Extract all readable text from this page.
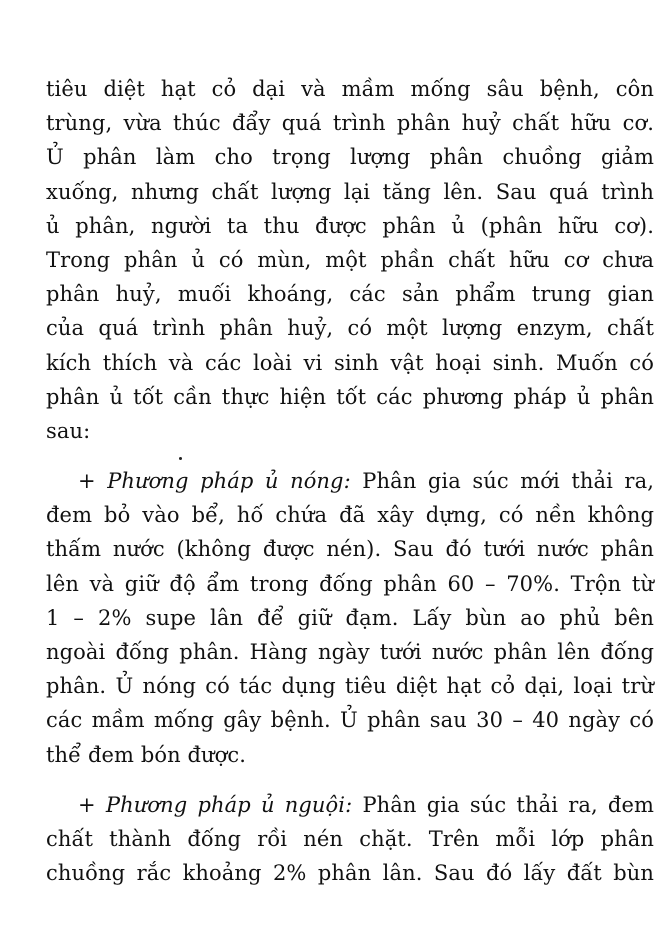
tiêu diệt hạt cỏ dại và mầm mống sâu bệnh, côn
trùng, vừa thúc đẩy quá trình phân huỷ chất hữu cơ.
Ủ phân làm cho trọng lượng phân chuồng giảm
xuống, nhưng chất lượng lại tăng lên. Sau quá trình
ủ phân, người ta thu được phân ủ (phân hữu cơ).
Trong phân ủ có mùn, một phần chất hữu cơ chưa
phân huỷ, muối khoáng, các sản phẩm trung gian
của quá trình phân huỷ, có một lượng enzym, chất
kích thích và các loài vi sinh vật hoại sinh. Muốn có
phân ủ tốt cần thực hiện tốt các phương pháp ủ phân
sau:
+ Phương pháp ủ nóng: Phân gia súc mới thải ra,
đem bỏ vào bể, hố chứa đã xây dựng, có nền không
thấm nước (không được nén). Sau đó tưới nước phân
lên và giữ độ ẩm trong đống phân 60 – 70%. Trộn từ
1 – 2% supe lân để giữ đạm. Lấy bùn ao phủ bên
ngoài đống phân. Hàng ngày tưới nước phân lên đống
phân. Ủ nóng có tác dụng tiêu diệt hạt cỏ dại, loại trừ
các mầm mống gây bệnh. Ủ phân sau 30 – 40 ngày có
thể đem bón được.
+ Phương pháp ủ nguội: Phân gia súc thải ra, đem
chất thành đống rồi nén chặt. Trên mỗi lớp phân
chuồng rắc khoảng 2% phân lân. Sau đó lấy đất bùn
